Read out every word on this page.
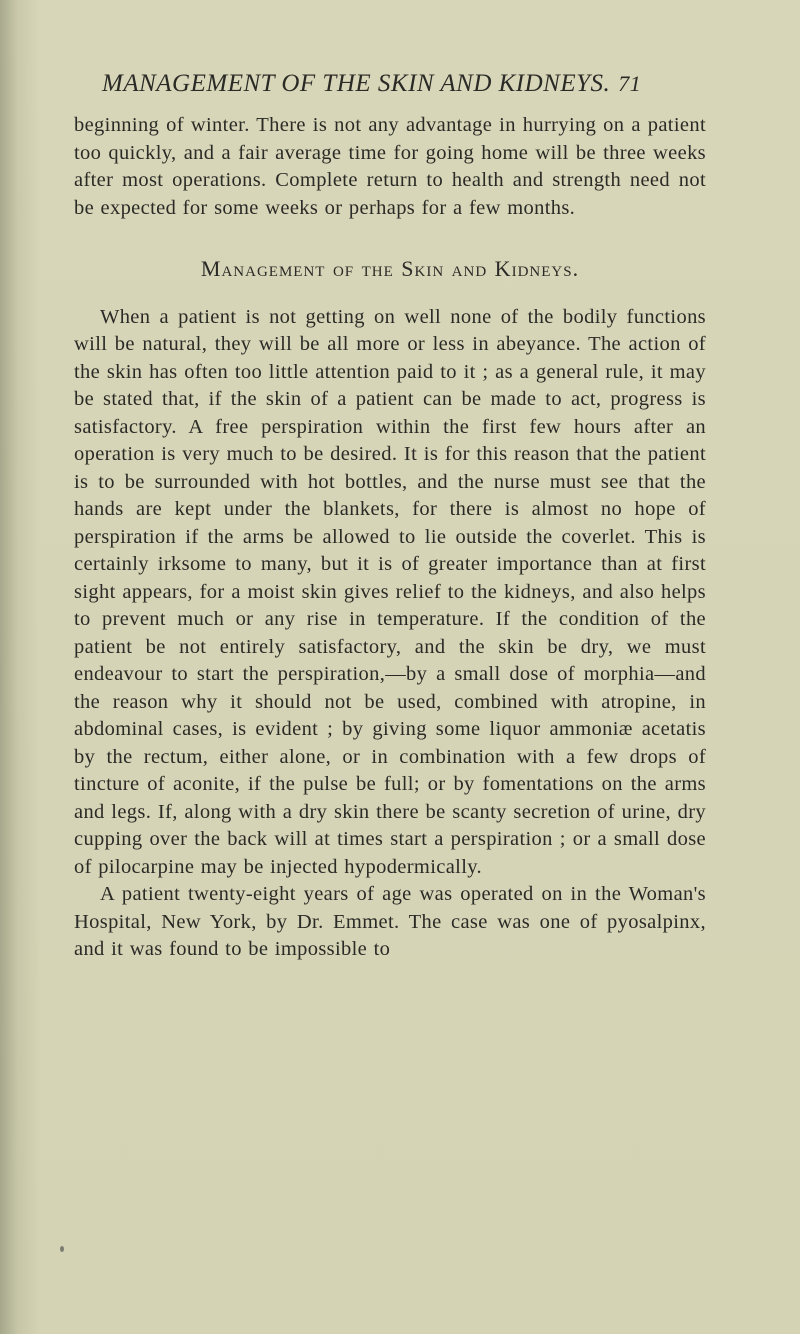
MANAGEMENT OF THE SKIN AND KIDNEYS. 71

beginning of winter. There is not any advantage in hurrying on a patient too quickly, and a fair average time for going home will be three weeks after most operations. Complete return to health and strength need not be expected for some weeks or perhaps for a few months.

Management of the Skin and Kidneys.

When a patient is not getting on well none of the bodily functions will be natural, they will be all more or less in abeyance. The action of the skin has often too little attention paid to it ; as a general rule, it may be stated that, if the skin of a patient can be made to act, progress is satisfactory. A free perspiration within the first few hours after an operation is very much to be desired. It is for this reason that the patient is to be surrounded with hot bottles, and the nurse must see that the hands are kept under the blankets, for there is almost no hope of perspiration if the arms be allowed to lie outside the coverlet. This is certainly irksome to many, but it is of greater importance than at first sight appears, for a moist skin gives relief to the kidneys, and also helps to prevent much or any rise in temperature. If the condition of the patient be not entirely satisfactory, and the skin be dry, we must endeavour to start the perspiration,—by a small dose of morphia—and the reason why it should not be used, combined with atropine, in abdominal cases, is evident ; by giving some liquor ammoniæ acetatis by the rectum, either alone, or in combination with a few drops of tincture of aconite, if the pulse be full; or by fomentations on the arms and legs. If, along with a dry skin there be scanty secretion of urine, dry cupping over the back will at times start a perspiration ; or a small dose of pilocarpine may be injected hypodermically.

A patient twenty-eight years of age was operated on in the Woman's Hospital, New York, by Dr. Emmet. The case was one of pyosalpinx, and it was found to be impossible to
